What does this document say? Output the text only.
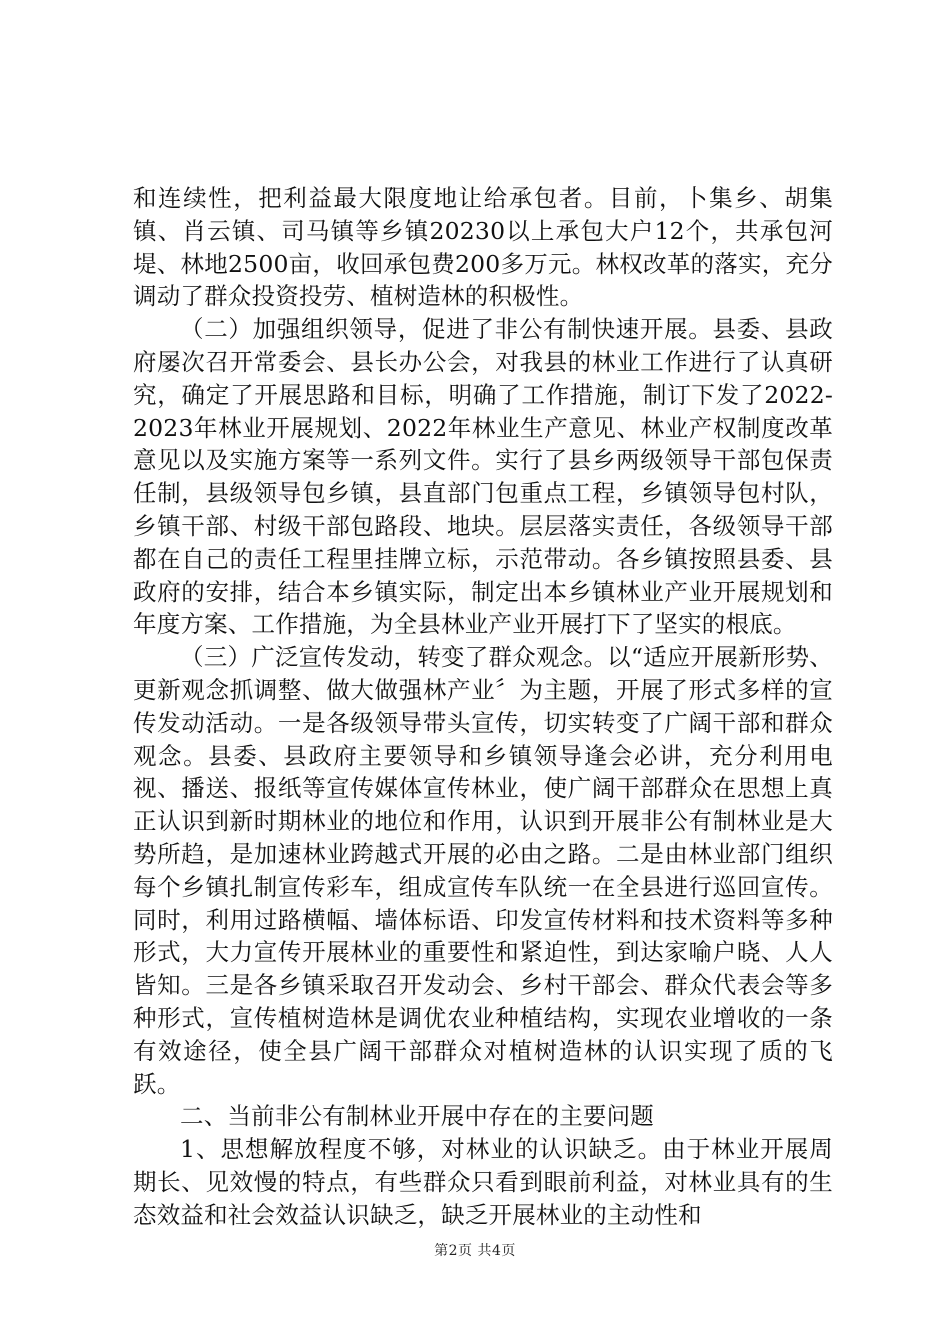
和连续性，把利益最大限度地让给承包者。目前，卜集乡、胡集镇、肖云镇、司马镇等乡镇20230以上承包大户12个，共承包河堤、林地2500亩，收回承包费200多万元。林权改革的落实，充分调动了群众投资投劳、植树造林的积极性。

（二）加强组织领导，促进了非公有制快速开展。县委、县政府屡次召开常委会、县长办公会，对我县的林业工作进行了认真研究，确定了开展思路和目标，明确了工作措施，制订下发了2022-2023年林业开展规划、2022年林业生产意见、林业产权制度改革意见以及实施方案等一系列文件。实行了县乡两级领导干部包保责任制，县级领导包乡镇，县直部门包重点工程，乡镇领导包村队，乡镇干部、村级干部包路段、地块。层层落实责任，各级领导干部都在自己的责任工程里挂牌立标，示范带动。各乡镇按照县委、县政府的安排，结合本乡镇实际，制定出本乡镇林业产业开展规划和年度方案、工作措施，为全县林业产业开展打下了坚实的根底。

（三）广泛宣传发动，转变了群众观念。以“适应开展新形势、更新观念抓调整、做大做强林产业〞为主题，开展了形式多样的宣传发动活动。一是各级领导带头宣传，切实转变了广阔干部和群众观念。县委、县政府主要领导和乡镇领导逢会必讲，充分利用电视、播送、报纸等宣传媒体宣传林业，使广阔干部群众在思想上真正认识到新时期林业的地位和作用，认识到开展非公有制林业是大势所趋，是加速林业跨越式开展的必由之路。二是由林业部门组织每个乡镇扎制宣传彩车，组成宣传车队统一在全县进行巡回宣传。同时，利用过路横幅、墙体标语、印发宣传材料和技术资料等多种形式，大力宣传开展林业的重要性和紧迫性，到达家喻户晓、人人皆知。三是各乡镇采取召开发动会、乡村干部会、群众代表会等多种形式，宣传植树造林是调优农业种植结构，实现农业增收的一条有效途径，使全县广阔干部群众对植树造林的认识实现了质的飞跃。

二、当前非公有制林业开展中存在的主要问题

1、思想解放程度不够，对林业的认识缺乏。由于林业开展周期长、见效慢的特点，有些群众只看到眼前利益，对林业具有的生态效益和社会效益认识缺乏，缺乏开展林业的主动性和

第2页 共4页
